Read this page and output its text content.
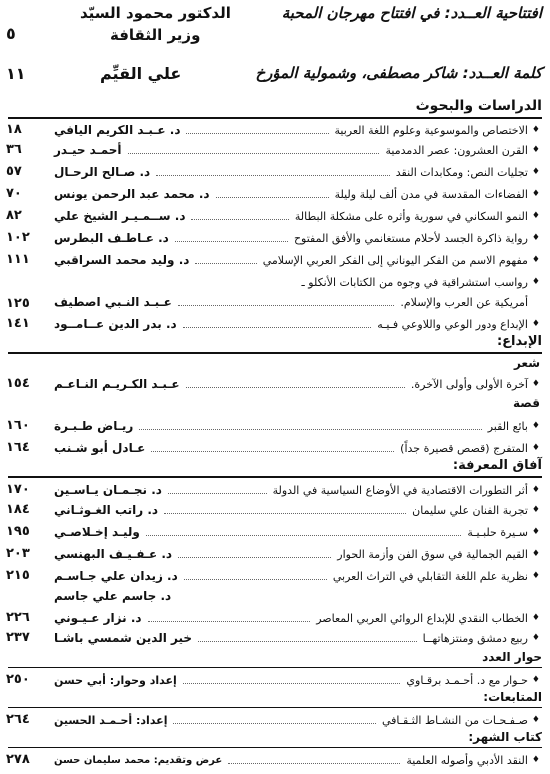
افتتاحية العــدد: في افتتاح مهرجان المحبة
الدكتور محمود السيّد
وزير الثقافة
٥
كلمة العــدد: شاكر مصطفى، وشمولية المؤرخ
علي القيِّم
١١
الدراسات والبحوث
♦
الاختصاص والموسوعية وعلوم اللغة العربية
د. عـبـد الكريم اليافي
١٨
♦
القرن العشرون: عصر الدمدمية
أحمـد حيـدر
٣٦
♦
تجليات النص: ومكابدات النقد
د. صـالح الرحـال
٥٧
♦
الفضاءات المقدسة في مدن ألف ليلة وليلة
د. محمد عبد الرحمن يونس
٧٠
♦
النمو السكاني في سورية وأثره على مشكلة البطالة
د. ســمـيـر الشيخ علي
٨٢
♦
رواية ذاكرة الجسد لأحلام مستغانمي والأفق المفتوح
د. عـاطـف البطرس
١٠٢
♦
مفهوم الاسم من الفكر اليوناني إلى الفكر العربي الإسلامي
د. وليد محمد السراقبي
١١١
♦
رواسب استشراقية في وجوه من الكتابات الأنكلو ـ
أمريكية عن العرب والإسلام.
عـبـد النـبي اصطيف
١٢٥
♦
الإبداع ودور الوعي واللاوعي فـيـه
د. بدر الدين عــامــود
١٤١
الإبداع:
شعر
♦
آخرة الأولى وأولى الآخرة.
عـبـد الكـريـم النـاعـم
١٥٤
قصة
♦
بائع القبر
ريـاض طـبـرة
١٦٠
♦
المتفرج (قصص قصيرة جداً)
عـادل أبو شـنب
١٦٤
آفاق المعرفة:
♦
أثر التطورات الاقتصادية في الأوضاع السياسية في الدولة
د. نجـمـان يـاسـين
١٧٠
♦
تجربة الفنان علي سليمان
د. راتب الغـوثـاني
١٨٤
♦
سـيرة حلبـيـة
وليـد إخـلاصـي
١٩٥
♦
القيم الجمالية في سوق الفن وأزمة الحوار
د. عـفـيـف البهنسي
٢٠٣
♦
نظرية علم اللغة التقابلي في التراث العربي
د. زيدان علي جـاسـم
٢١٥
د. جاسم علي جاسم
♦
الخطاب النقدي للإبداع الروائي العربي المعاصر
د. نزار عـيـوني
٢٢٦
♦
ربيع دمشق ومنتزهاتهــا
خير الدين شمسي باشـا
٢٣٧
حوار العدد
♦
حـوار مع د. أحـمـد برقـاوي
إعداد وحوار: أبي حسن
٢٥٠
المتابعات:
♦
صـفـحـات من النشـاط الثـقـافي
إعداد: أحـمـد الحسين
٢٦٤
كتاب الشهر:
♦
النقد الأدبي وأصوله العلمية
عرض وتقديم: محمد سليمان حسن
٢٧٨
